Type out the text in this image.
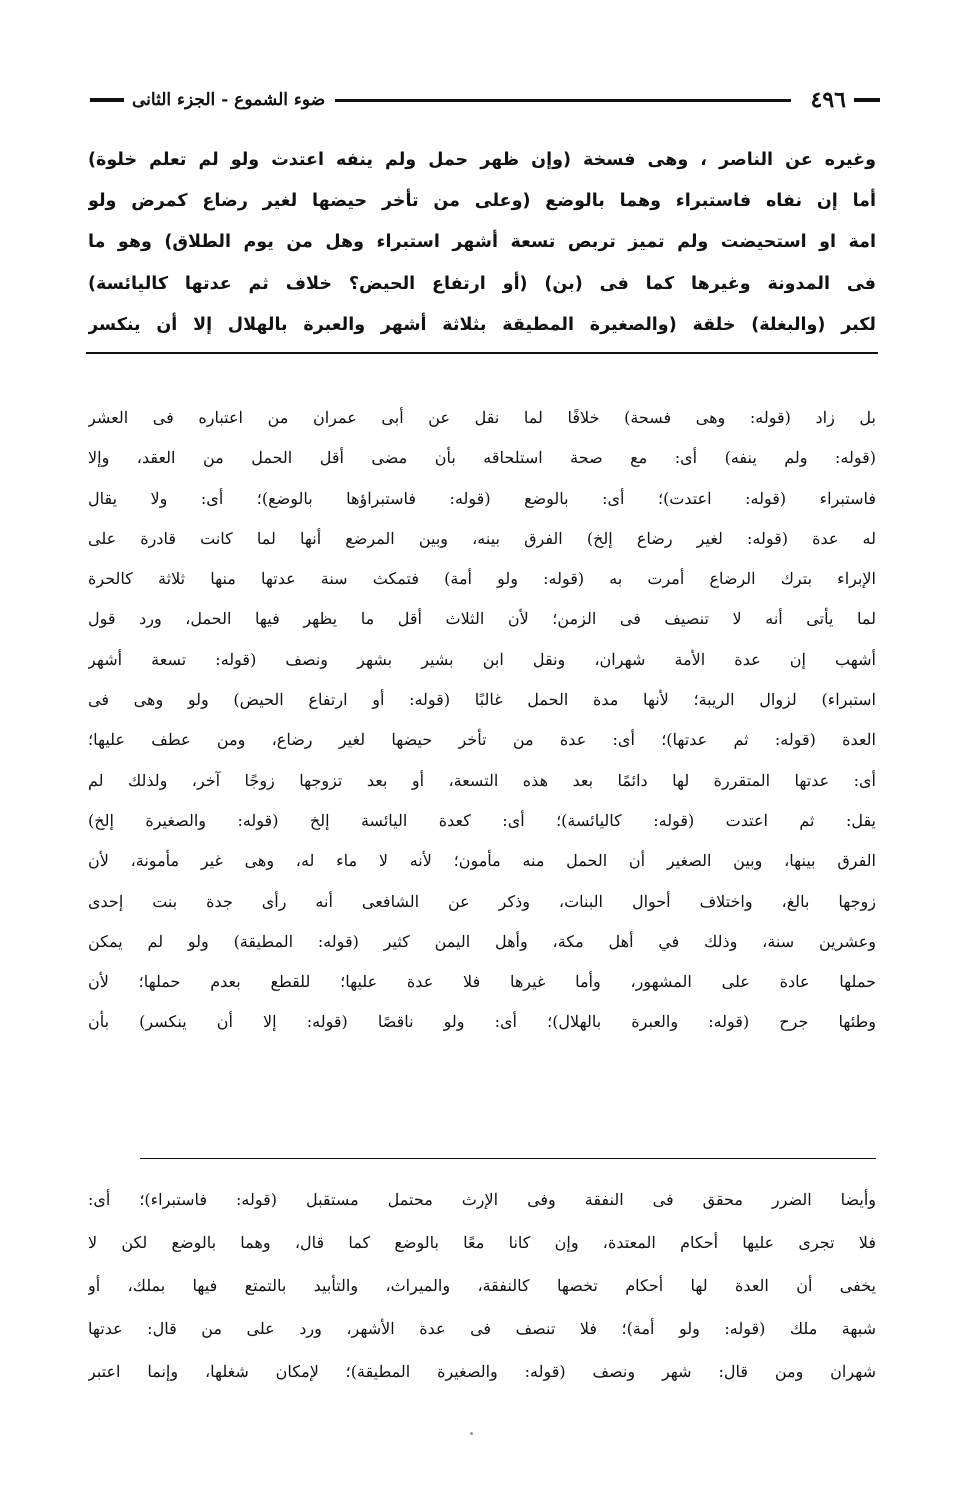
٤٩٦
ضوء الشموع - الجزء الثانى
وغيره عن الناصر ، وهى فسخة (وإن ظهر حمل ولم ينفه اعتدت ولو لم تعلم خلوة)
أما إن نفاه فاستبراء وهما بالوضع (وعلى من تأخر حيضها لغير رضاع كمرض ولو
امة او استحيضت ولم تميز تربص تسعة أشهر استبراء وهل من يوم الطلاق) وهو ما
فى المدونة وغيرها كما فى (بن) (أو ارتفاع الحيض؟ خلاف ثم عدتها كاليائسة)
لكبر (والبغلة) خلقة (والصغيرة المطيقة بثلاثة أشهر والعبرة بالهلال إلا أن ينكسر
بل زاد (قوله: وهى فسحة) خلافًا لما نقل عن أبى عمران من اعتباره فى العشر
(قوله: ولم ينفه) أى: مع صحة استلحاقه بأن مضى أقل الحمل من العقد، وإلا
فاستبراء (قوله: اعتدت)؛ أى: بالوضع (قوله: فاستبراؤها بالوضع)؛ أى: ولا يقال
له عدة (قوله: لغير رضاع إلخ) الفرق بينه، وبين المرضع أنها لما كانت قادرة على
الإبراء بترك الرضاع أمرت به (قوله: ولو أمة) فتمكث سنة عدتها منها ثلاثة كالحرة
لما يأتى أنه لا تنصيف فى الزمن؛ لأن الثلاث أقل ما يظهر فيها الحمل، ورد قول
أشهب إن عدة الأمة شهران، ونقل ابن بشير بشهر ونصف (قوله: تسعة أشهر
استبراء) لزوال الريبة؛ لأنها مدة الحمل غالبًا (قوله: أو ارتفاع الحيض) ولو وهى فى
العدة (قوله: ثم عدتها)؛ أى: عدة من تأخر حيضها لغير رضاع، ومن عطف عليها؛
أى: عدتها المتقررة لها دائمًا بعد هذه التسعة، أو بعد تزوجها زوجًا آخر، ولذلك لم
يقل: ثم اعتدت (قوله: كاليائسة)؛ أى: كعدة اليائسة إلخ (قوله: والصغيرة إلخ)
الفرق بينها، وبين الصغير أن الحمل منه مأمون؛ لأنه لا ماء له، وهى غير مأمونة، لأن
زوجها بالغ، واختلاف أحوال البنات، وذكر عن الشافعى أنه رأى جدة بنت إحدى
وعشرين سنة، وذلك في أهل مكة، وأهل اليمن كثير (قوله: المطيقة) ولو لم يمكن
حملها عادة على المشهور، وأما غيرها فلا عدة عليها؛ للقطع بعدم حملها؛ لأن
وطئها جرح (قوله: والعبرة بالهلال)؛ أى: ولو ناقصًا (قوله: إلا أن ينكسر) بأن
وأيضا الضرر محقق فى النفقة وفى الإرث محتمل مستقبل (قوله: فاستبراء)؛ أى:
فلا تجرى عليها أحكام المعتدة، وإن كانا معًا بالوضع كما قال، وهما بالوضع لكن لا
يخفى أن العدة لها أحكام تخصها كالنفقة، والميراث، والتأبيد بالتمتع فيها بملك، أو
شبهة ملك (قوله: ولو أمة)؛ فلا تنصف فى عدة الأشهر، ورد على من قال: عدتها
شهران ومن قال: شهر ونصف (قوله: والصغيرة المطيقة)؛ لإمكان شغلها، وإنما اعتبر
